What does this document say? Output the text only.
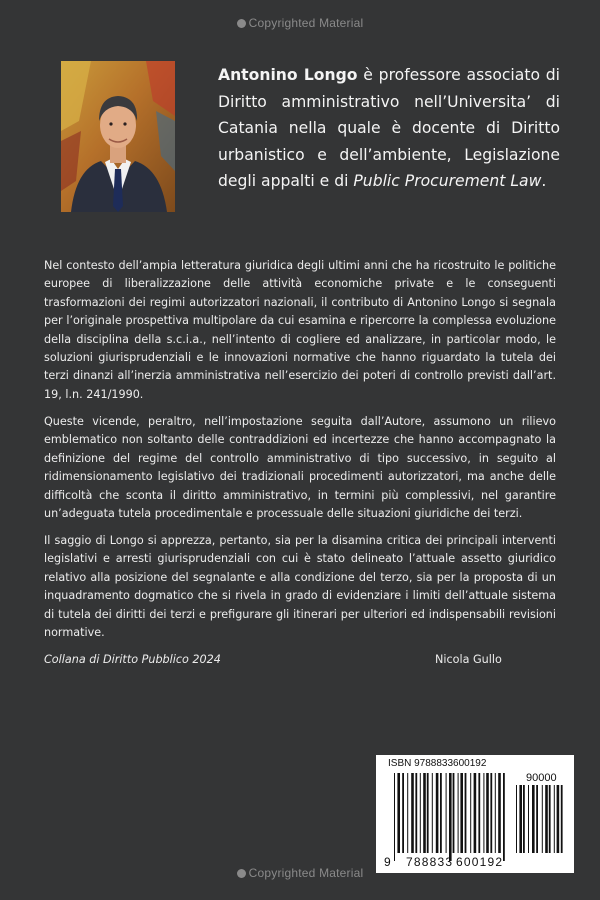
Copyrighted Material

Antonino Longo è professore associato di Diritto amministrativo nell’Universita’ di Catania nella quale è docente di Diritto urbanistico e dell’ambiente, Legislazione degli appalti e di Public Procurement Law.

Nel contesto dell’ampia letteratura giuridica degli ultimi anni che ha ricostruito le politiche europee di liberalizzazione delle attività economiche private e le conseguenti trasformazioni dei regimi autorizzatori nazionali, il contributo di Antonino Longo si segnala per l’originale prospettiva multipolare da cui esamina e ripercorre la complessa evoluzione della disciplina della s.c.i.a., nell’intento di cogliere ed analizzare, in particolar modo, le soluzioni giurisprudenziali e le innovazioni normative che hanno riguardato la tutela dei terzi dinanzi all’inerzia amministrativa nell’esercizio dei poteri di controllo previsti dall’art. 19, l.n. 241/1990.

Queste vicende, peraltro, nell’impostazione seguita dall’Autore, assumono un rilievo emblematico non soltanto delle contraddizioni ed incertezze che hanno accompagnato la definizione del regime del controllo amministrativo di tipo successivo, in seguito al ridimensionamento legislativo dei tradizionali procedimenti autorizzatori, ma anche delle difficoltà che sconta il diritto amministrativo, in termini più complessivi, nel garantire un’adeguata tutela procedimentale e processuale delle situazioni giuridiche dei terzi.

Il saggio di Longo si apprezza, pertanto, sia per la disamina critica dei principali interventi legislativi e arresti giurisprudenziali con cui è stato delineato l’attuale assetto giuridico relativo alla posizione del segnalante e alla condizione del terzo, sia per la proposta di un inquadramento dogmatico che si rivela in grado di evidenziare i limiti dell’attuale sistema di tutela dei diritti dei terzi e prefigurare gli itinerari per ulteriori ed indispensabili revisioni normative.

Collana di Diritto Pubblico 2024	Nicola Gullo
ISBN 9788833600192
90000
9 788833 600192
Copyrighted Material
